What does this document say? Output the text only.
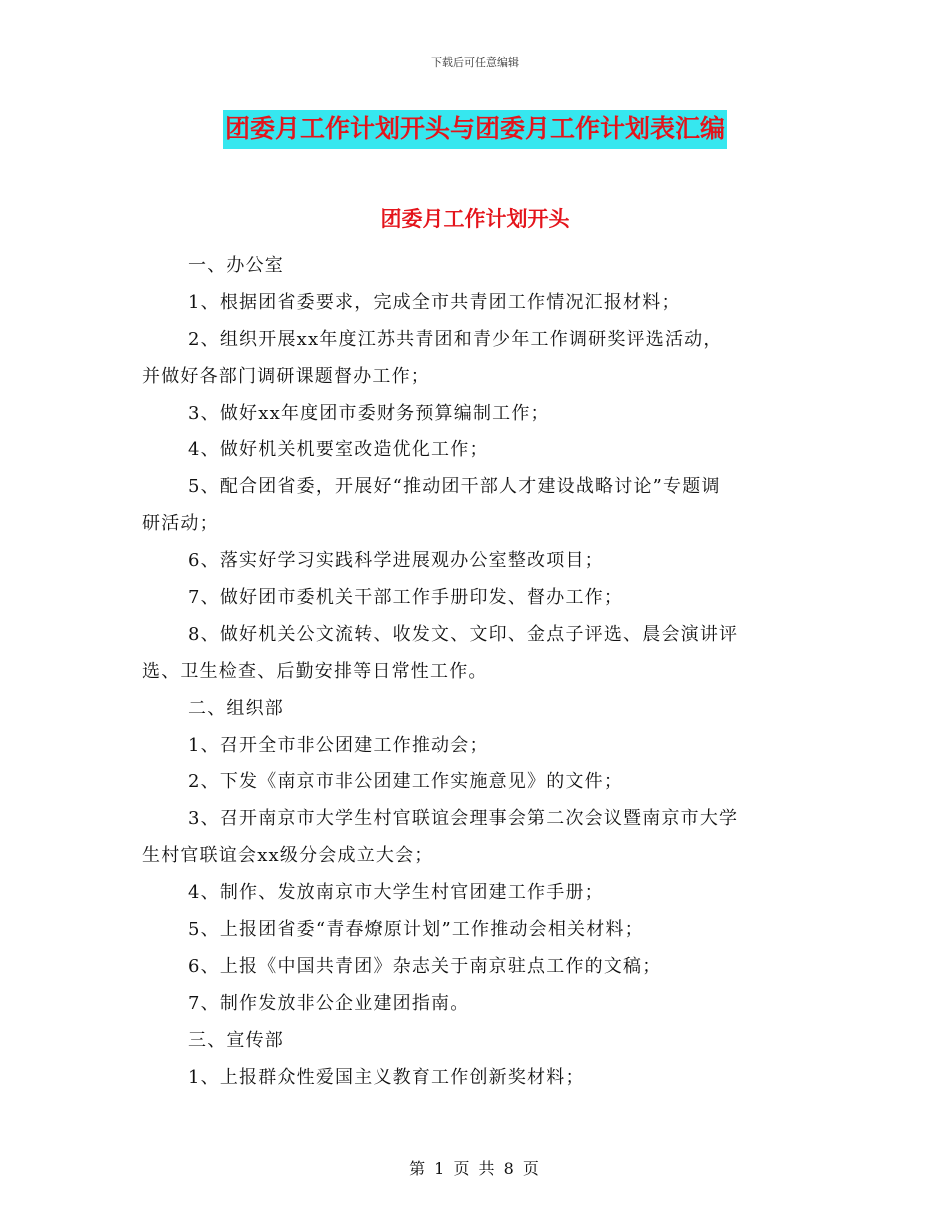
下载后可任意编辑
团委月工作计划开头与团委月工作计划表汇编
团委月工作计划开头
一、办公室
1、根据团省委要求，完成全市共青团工作情况汇报材料；
2、组织开展xx年度江苏共青团和青少年工作调研奖评选活动，
并做好各部门调研课题督办工作；
3、做好xx年度团市委财务预算编制工作；
4、做好机关机要室改造优化工作；
5、配合团省委，开展好“推动团干部人才建设战略讨论”专题调
研活动；
6、落实好学习实践科学进展观办公室整改项目；
7、做好团市委机关干部工作手册印发、督办工作；
8、做好机关公文流转、收发文、文印、金点子评选、晨会演讲评
选、卫生检查、后勤安排等日常性工作。
二、组织部
1、召开全市非公团建工作推动会；
2、下发《南京市非公团建工作实施意见》的文件；
3、召开南京市大学生村官联谊会理事会第二次会议暨南京市大学
生村官联谊会xx级分会成立大会；
4、制作、发放南京市大学生村官团建工作手册；
5、上报团省委“青春燎原计划”工作推动会相关材料；
6、上报《中国共青团》杂志关于南京驻点工作的文稿；
7、制作发放非公企业建团指南。
三、宣传部
1、上报群众性爱国主义教育工作创新奖材料；
第 1 页 共 8 页
